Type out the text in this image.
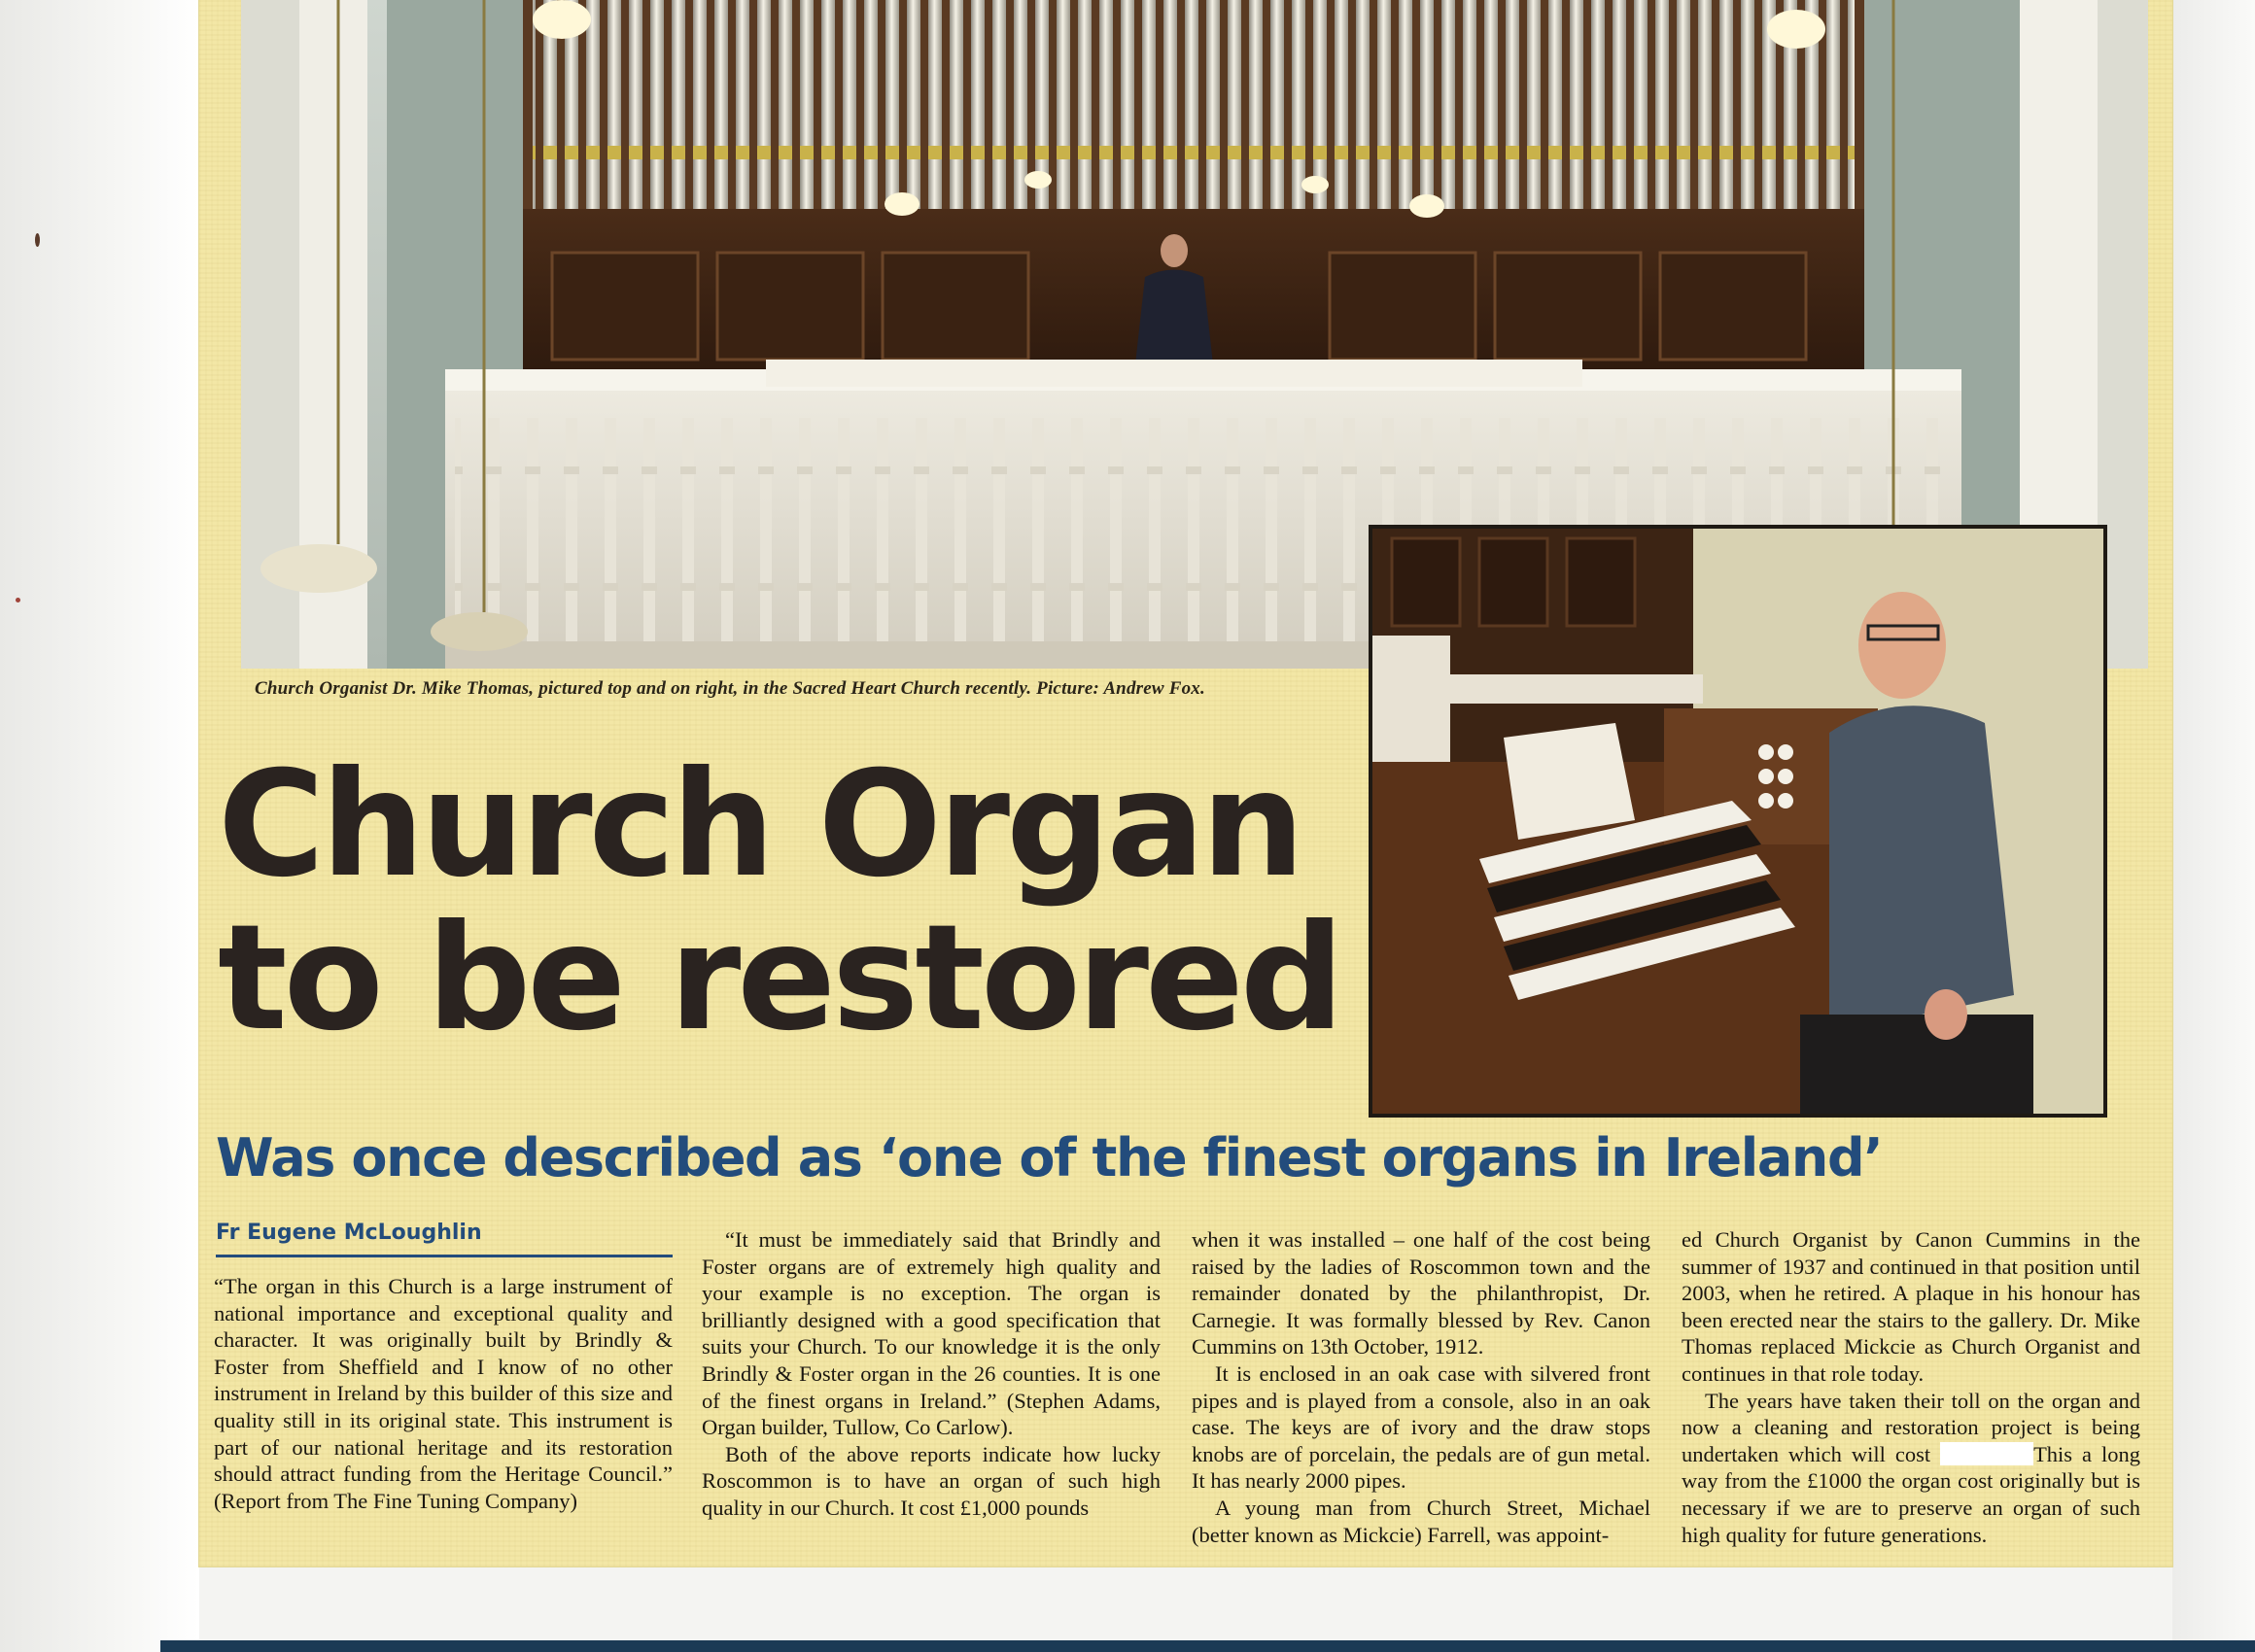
Church Organist Dr. Mike Thomas, pictured top and on right, in the Sacred Heart Church recently. Picture: Andrew Fox.
Church Organ
to be restored
Was once described as ‘one of the finest organs in Ireland’
Fr Eugene McLoughlin

“The organ in this Church is a large instrument of national importance and exceptional quality and character. It was originally built by Brindly & Foster from Sheffield and I know of no other instrument in Ireland by this builder of this size and quality still in its original state. This instrument is part of our national heritage and its restoration should attract funding from the Heritage Council.” (Report from The Fine Tuning Company)

“It must be immediately said that Brindly and Foster organs are of extremely high quality and your example is no exception. The organ is brilliantly designed with a good specification that suits your Church. To our knowledge it is the only Brindly & Foster organ in the 26 counties. It is one of the finest organs in Ireland.” (Stephen Adams, Organ builder, Tullow, Co Carlow).

Both of the above reports indicate how lucky Roscommon is to have an organ of such high quality in our Church. It cost £1,000 pounds

when it was installed – one half of the cost being raised by the ladies of Roscommon town and the remainder donated by the philanthropist, Dr. Carnegie. It was formally blessed by Rev. Canon Cummins on 13th October, 1912.

It is enclosed in an oak case with silvered front pipes and is played from a console, also in an oak case. The keys are of ivory and the draw stops knobs are of porcelain, the pedals are of gun metal. It has nearly 2000 pipes.

A young man from Church Street, Michael (better known as Mickcie) Farrell, was appoint-

ed Church Organist by Canon Cummins in the summer of 1937 and continued in that position until 2003, when he retired. A plaque in his honour has been erected near the stairs to the gallery. Dr. Mike Thomas replaced Mickcie as Church Organist and continues in that role today.

The years have taken their toll on the organ and now a cleaning and restoration project is being undertaken which will cost	This a long way from the £1000 the organ cost originally but is necessary if we are to preserve an organ of such high quality for future generations.
